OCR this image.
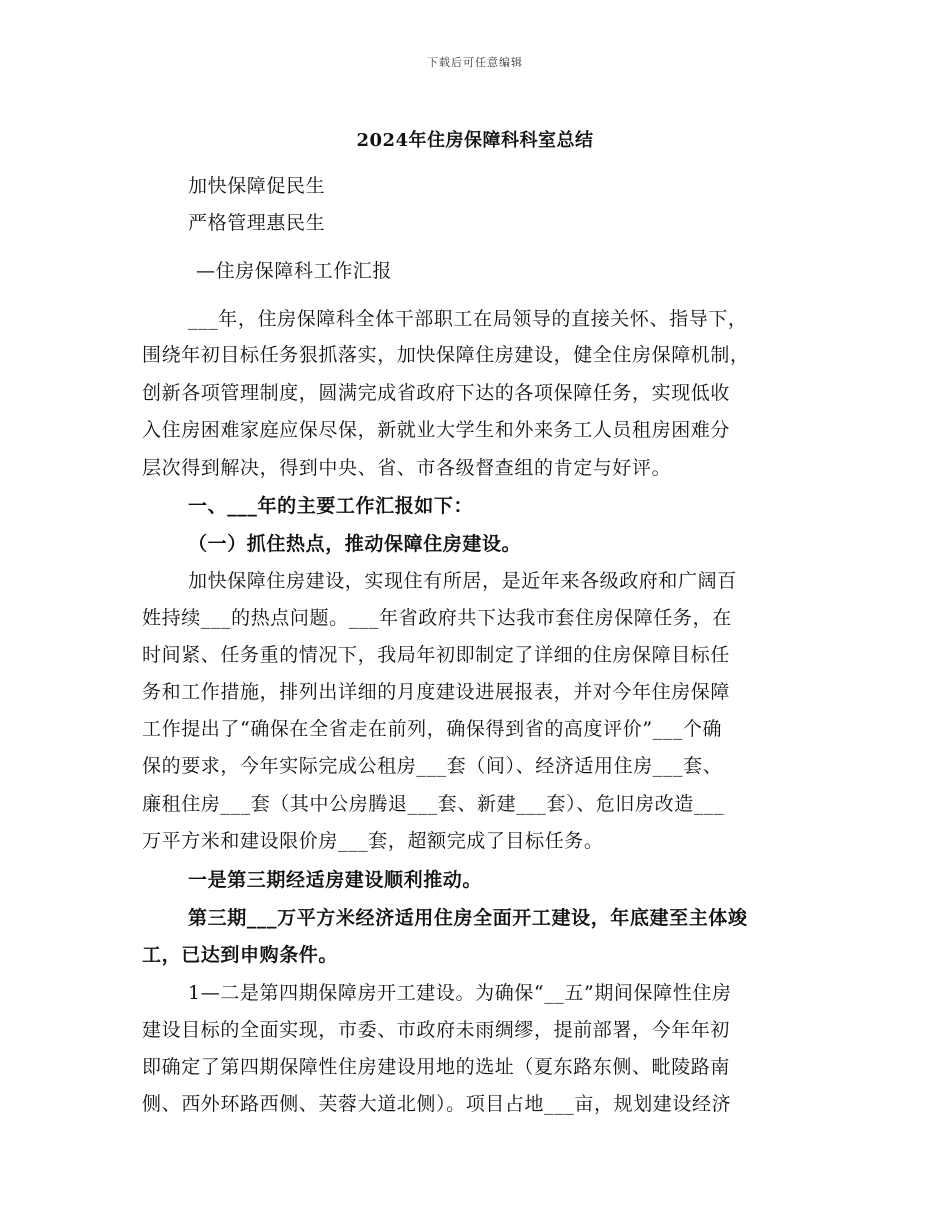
下载后可任意编辑
2024年住房保障科科室总结
加快保障促民生
严格管理惠民生
—住房保障科工作汇报
___年，住房保障科全体干部职工在局领导的直接关怀、指导下，
围绕年初目标任务狠抓落实，加快保障住房建设，健全住房保障机制，
创新各项管理制度，圆满完成省政府下达的各项保障任务，实现低收
入住房困难家庭应保尽保，新就业大学生和外来务工人员租房困难分
层次得到解决，得到中央、省、市各级督查组的肯定与好评。
一、___年的主要工作汇报如下：
（一）抓住热点，推动保障住房建设。
加快保障住房建设，实现住有所居，是近年来各级政府和广阔百
姓持续___的热点问题。___年省政府共下达我市套住房保障任务，在
时间紧、任务重的情况下，我局年初即制定了详细的住房保障目标任
务和工作措施，排列出详细的月度建设进展报表，并对今年住房保障
工作提出了“确保在全省走在前列，确保得到省的高度评价”___个确
保的要求，今年实际完成公租房___套（间）、经济适用住房___套、
廉租住房___套（其中公房腾退___套、新建___套）、危旧房改造___
万平方米和建设限价房___套，超额完成了目标任务。
一是第三期经适房建设顺利推动。
第三期___万平方米经济适用住房全面开工建设，年底建至主体竣
工，已达到申购条件。
1—二是第四期保障房开工建设。为确保“__五”期间保障性住房
建设目标的全面实现，市委、市政府未雨绸缪，提前部署，今年年初
即确定了第四期保障性住房建设用地的选址（夏东路东侧、毗陵路南
侧、西外环路西侧、芙蓉大道北侧）。项目占地___亩，规划建设经济
